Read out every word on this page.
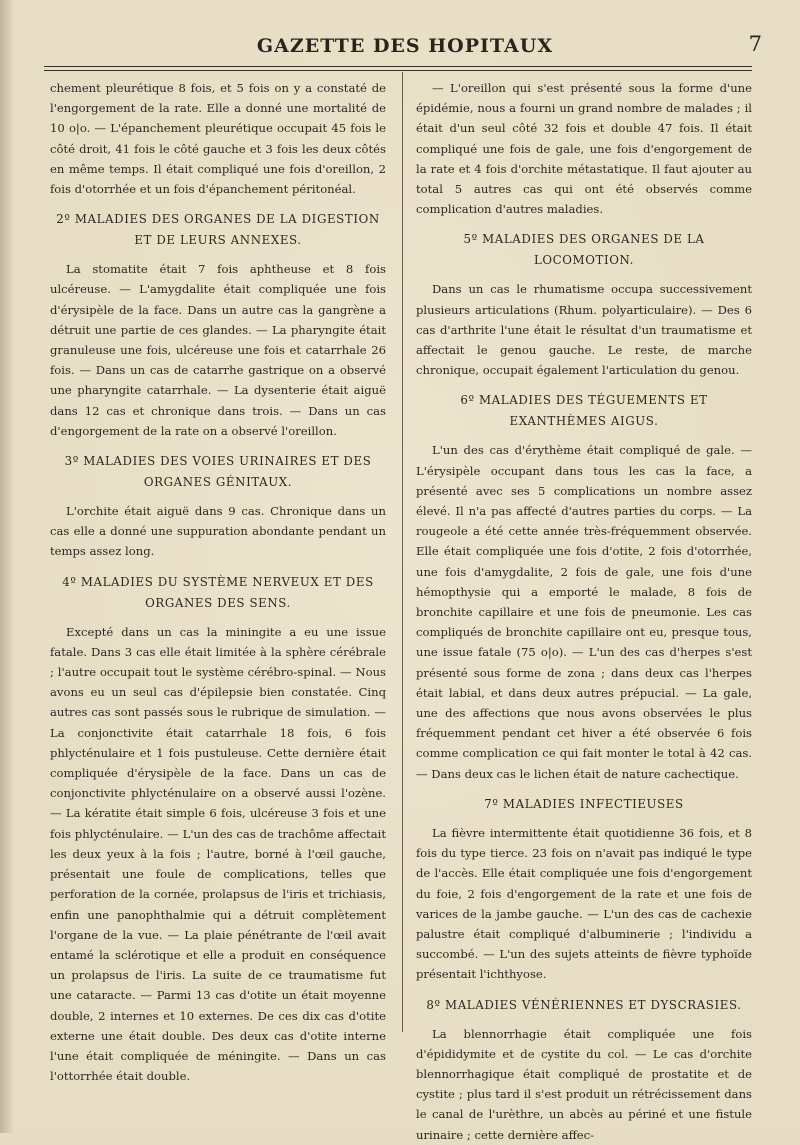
GAZETTE DES HOPITAUX	7

chement pleurétique 8 fois, et 5 fois on y a constaté de l'engorgement de la rate. Elle a donné une mortalité de 10 o|o. — L'épanchement pleurétique occupait 45 fois le côté droit, 41 fois le côté gauche et 3 fois les deux côtés en même temps. Il était compliqué une fois d'oreillon, 2 fois d'otorrhée et un fois d'épanchement péritonéal.

2º MALADIES DES ORGANES DE LA DIGESTION ET DE LEURS ANNEXES.

La stomatite était 7 fois aphtheuse et 8 fois ulcéreuse. — L'amygdalite était compliquée une fois d'érysipèle de la face. Dans un autre cas la gangrène a détruit une partie de ces glandes. — La pharyngite était granuleuse une fois, ulcéreuse une fois et catarrhale 26 fois. — Dans un cas de catarrhe gastrique on a observé une pharyngite catarrhale. — La dysenterie était aiguë dans 12 cas et chronique dans trois. — Dans un cas d'engorgement de la rate on a observé l'oreillon.

3º MALADIES DES VOIES URINAIRES ET DES ORGANES GÉNITAUX.

L'orchite était aiguë dans 9 cas. Chronique dans un cas elle a donné une suppuration abondante pendant un temps assez long.

4º MALADIES DU SYSTÈME NERVEUX ET DES ORGANES DES SENS.

Excepté dans un cas la miningite a eu une issue fatale. Dans 3 cas elle était limitée à la sphère cérébrale ; l'autre occupait tout le système cérébro-spinal. — Nous avons eu un seul cas d'épilepsie bien constatée. Cinq autres cas sont passés sous le rubrique de simulation. — La conjonctivite était catarrhale 18 fois, 6 fois phlycténulaire et 1 fois pustuleuse. Cette dernière était compliquée d'érysipèle de la face. Dans un cas de conjonctivite phlycténulaire on a observé aussi l'ozène. — La kératite était simple 6 fois, ulcéreuse 3 fois et une fois phlycténulaire. — L'un des cas de trachôme affectait les deux yeux à la fois ; l'autre, borné à l'œil gauche, présentait une foule de complications, telles que perforation de la cornée, prolapsus de l'iris et trichiasis, enfin une panophthalmie qui a détruit complètement l'organe de la vue. — La plaie pénétrante de l'œil avait entamé la sclérotique et elle a produit en conséquence un prolapsus de l'iris. La suite de ce traumatisme fut une cataracte. — Parmi 13 cas d'otite un était moyenne double, 2 internes et 10 externes. De ces dix cas d'otite externe une était double. Des deux cas d'otite interne l'une était compliquée de méningite. — Dans un cas l'ottorrhée était double.

— L'oreillon qui s'est présenté sous la forme d'une épidémie, nous a fourni un grand nombre de malades ; il était d'un seul côté 32 fois et double 47 fois. Il était compliqué une fois de gale, une fois d'engorgement de la rate et 4 fois d'orchite métastatique. Il faut ajouter au total 5 autres cas qui ont été observés comme complication d'autres maladies.

5º MALADIES DES ORGANES DE LA LOCOMOTION.

Dans un cas le rhumatisme occupa successivement plusieurs articulations (Rhum. polyarticulaire). — Des 6 cas d'arthrite l'une était le résultat d'un traumatisme et affectait le genou gauche. Le reste, de marche chronique, occupait également l'articulation du genou.

6º MALADIES DES TÉGUEMENTS ET EXANTHÈMES AIGUS.

L'un des cas d'érythème était compliqué de gale. — L'érysipèle occupant dans tous les cas la face, a présenté avec ses 5 complications un nombre assez élevé. Il n'a pas affecté d'autres parties du corps. — La rougeole a été cette année très-fréquemment observée. Elle était compliquée une fois d'otite, 2 fois d'otorrhée, une fois d'amygdalite, 2 fois de gale, une fois d'une hémopthysie qui a emporté le malade, 8 fois de bronchite capillaire et une fois de pneumonie. Les cas compliqués de bronchite capillaire ont eu, presque tous, une issue fatale (75 o|o). — L'un des cas d'herpes s'est présenté sous forme de zona ; dans deux cas l'herpes était labial, et dans deux autres prépucial. — La gale, une des affections que nous avons observées le plus fréquemment pendant cet hiver a été observée 6 fois comme complication ce qui fait monter le total à 42 cas. — Dans deux cas le lichen était de nature cachectique.

7º MALADIES INFECTIEUSES

La fièvre intermittente était quotidienne 36 fois, et 8 fois du type tierce. 23 fois on n'avait pas indiqué le type de l'accès. Elle était compliquée une fois d'engorgement du foie, 2 fois d'engorgement de la rate et une fois de varices de la jambe gauche. — L'un des cas de cachexie palustre était compliqué d'albuminerie ; l'individu a succombé. — L'un des sujets atteints de fièvre typhoïde présentait l'ichthyose.

8º MALADIES VÉNÉRIENNES ET DYSCRASIES.

La blennorrhagie était compliquée une fois d'épididymite et de cystite du col. — Le cas d'orchite blennorrhagique était compliqué de prostatite et de cystite ; plus tard il s'est produit un rétrécissement dans le canal de l'urèthre, un abcès au périné et une fistule urinaire ; cette dernière affec-
